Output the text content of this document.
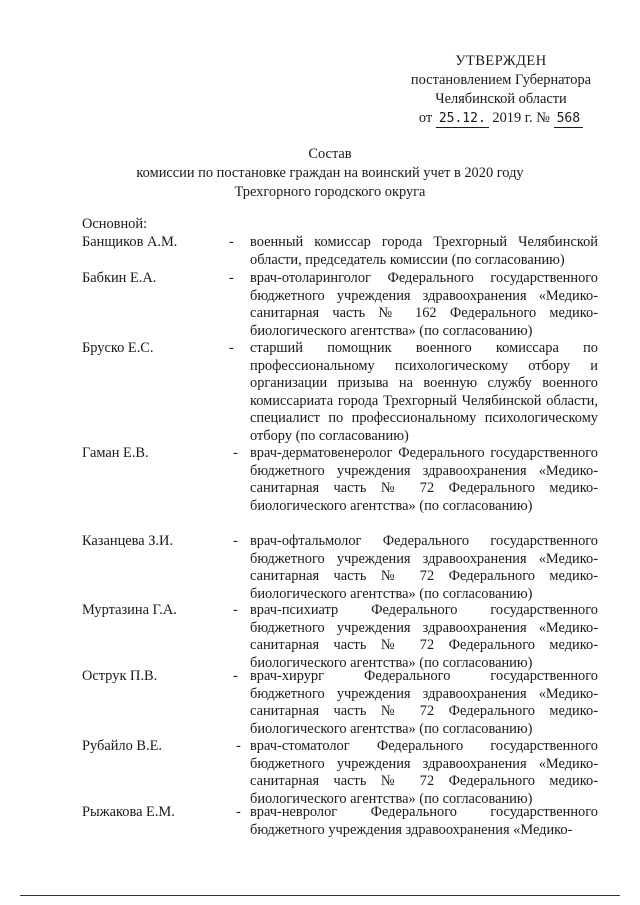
УТВЕРЖДЕН
постановлением Губернатора
Челябинской области
от 25.12. 2019 г. № 568
Состав
комиссии по постановке граждан на воинский учет в 2020 году
Трехгорного городского округа
Основной:
Банщиков А.М.	- военный комиссар города Трехгорный Челябинской области, председатель комиссии (по согласованию)
Бабкин Е.А.	- врач-отоларинголог Федерального государственного бюджетного учреждения здравоохранения «Медико-санитарная часть № 162 Федерального медико-биологического агентства» (по согласованию)
Бруско Е.С.	- старший помощник военного комиссара по профессиональному психологическому отбору и организации призыва на военную службу военного комиссариата города Трехгорный Челябинской области, специалист по профессиональному психологическому отбору (по согласованию)
Гаман Е.В.	- врач-дерматовенеролог Федерального государственного бюджетного учреждения здравоохранения «Медико-санитарная часть № 72 Федерального медико-биологического агентства» (по согласованию)
Казанцева З.И.	- врач-офтальмолог Федерального государственного бюджетного учреждения здравоохранения «Медико-санитарная часть № 72 Федерального медико-биологического агентства» (по согласованию)
Муртазина Г.А.	- врач-психиатр Федерального государственного бюджетного учреждения здравоохранения «Медико-санитарная часть № 72 Федерального медико-биологического агентства» (по согласованию)
Остpук П.В.	- врач-хирург Федерального государственного бюджетного учреждения здравоохранения «Медико-санитарная часть № 72 Федерального медико-биологического агентства» (по согласованию)
Рубайло В.Е.	- врач-стоматолог Федерального государственного бюджетного учреждения здравоохранения «Медико-санитарная часть № 72 Федерального медико-биологического агентства» (по согласованию)
Рыжакова Е.М.	- врач-невролог Федерального государственного бюджетного учреждения здравоохранения «Медико-
